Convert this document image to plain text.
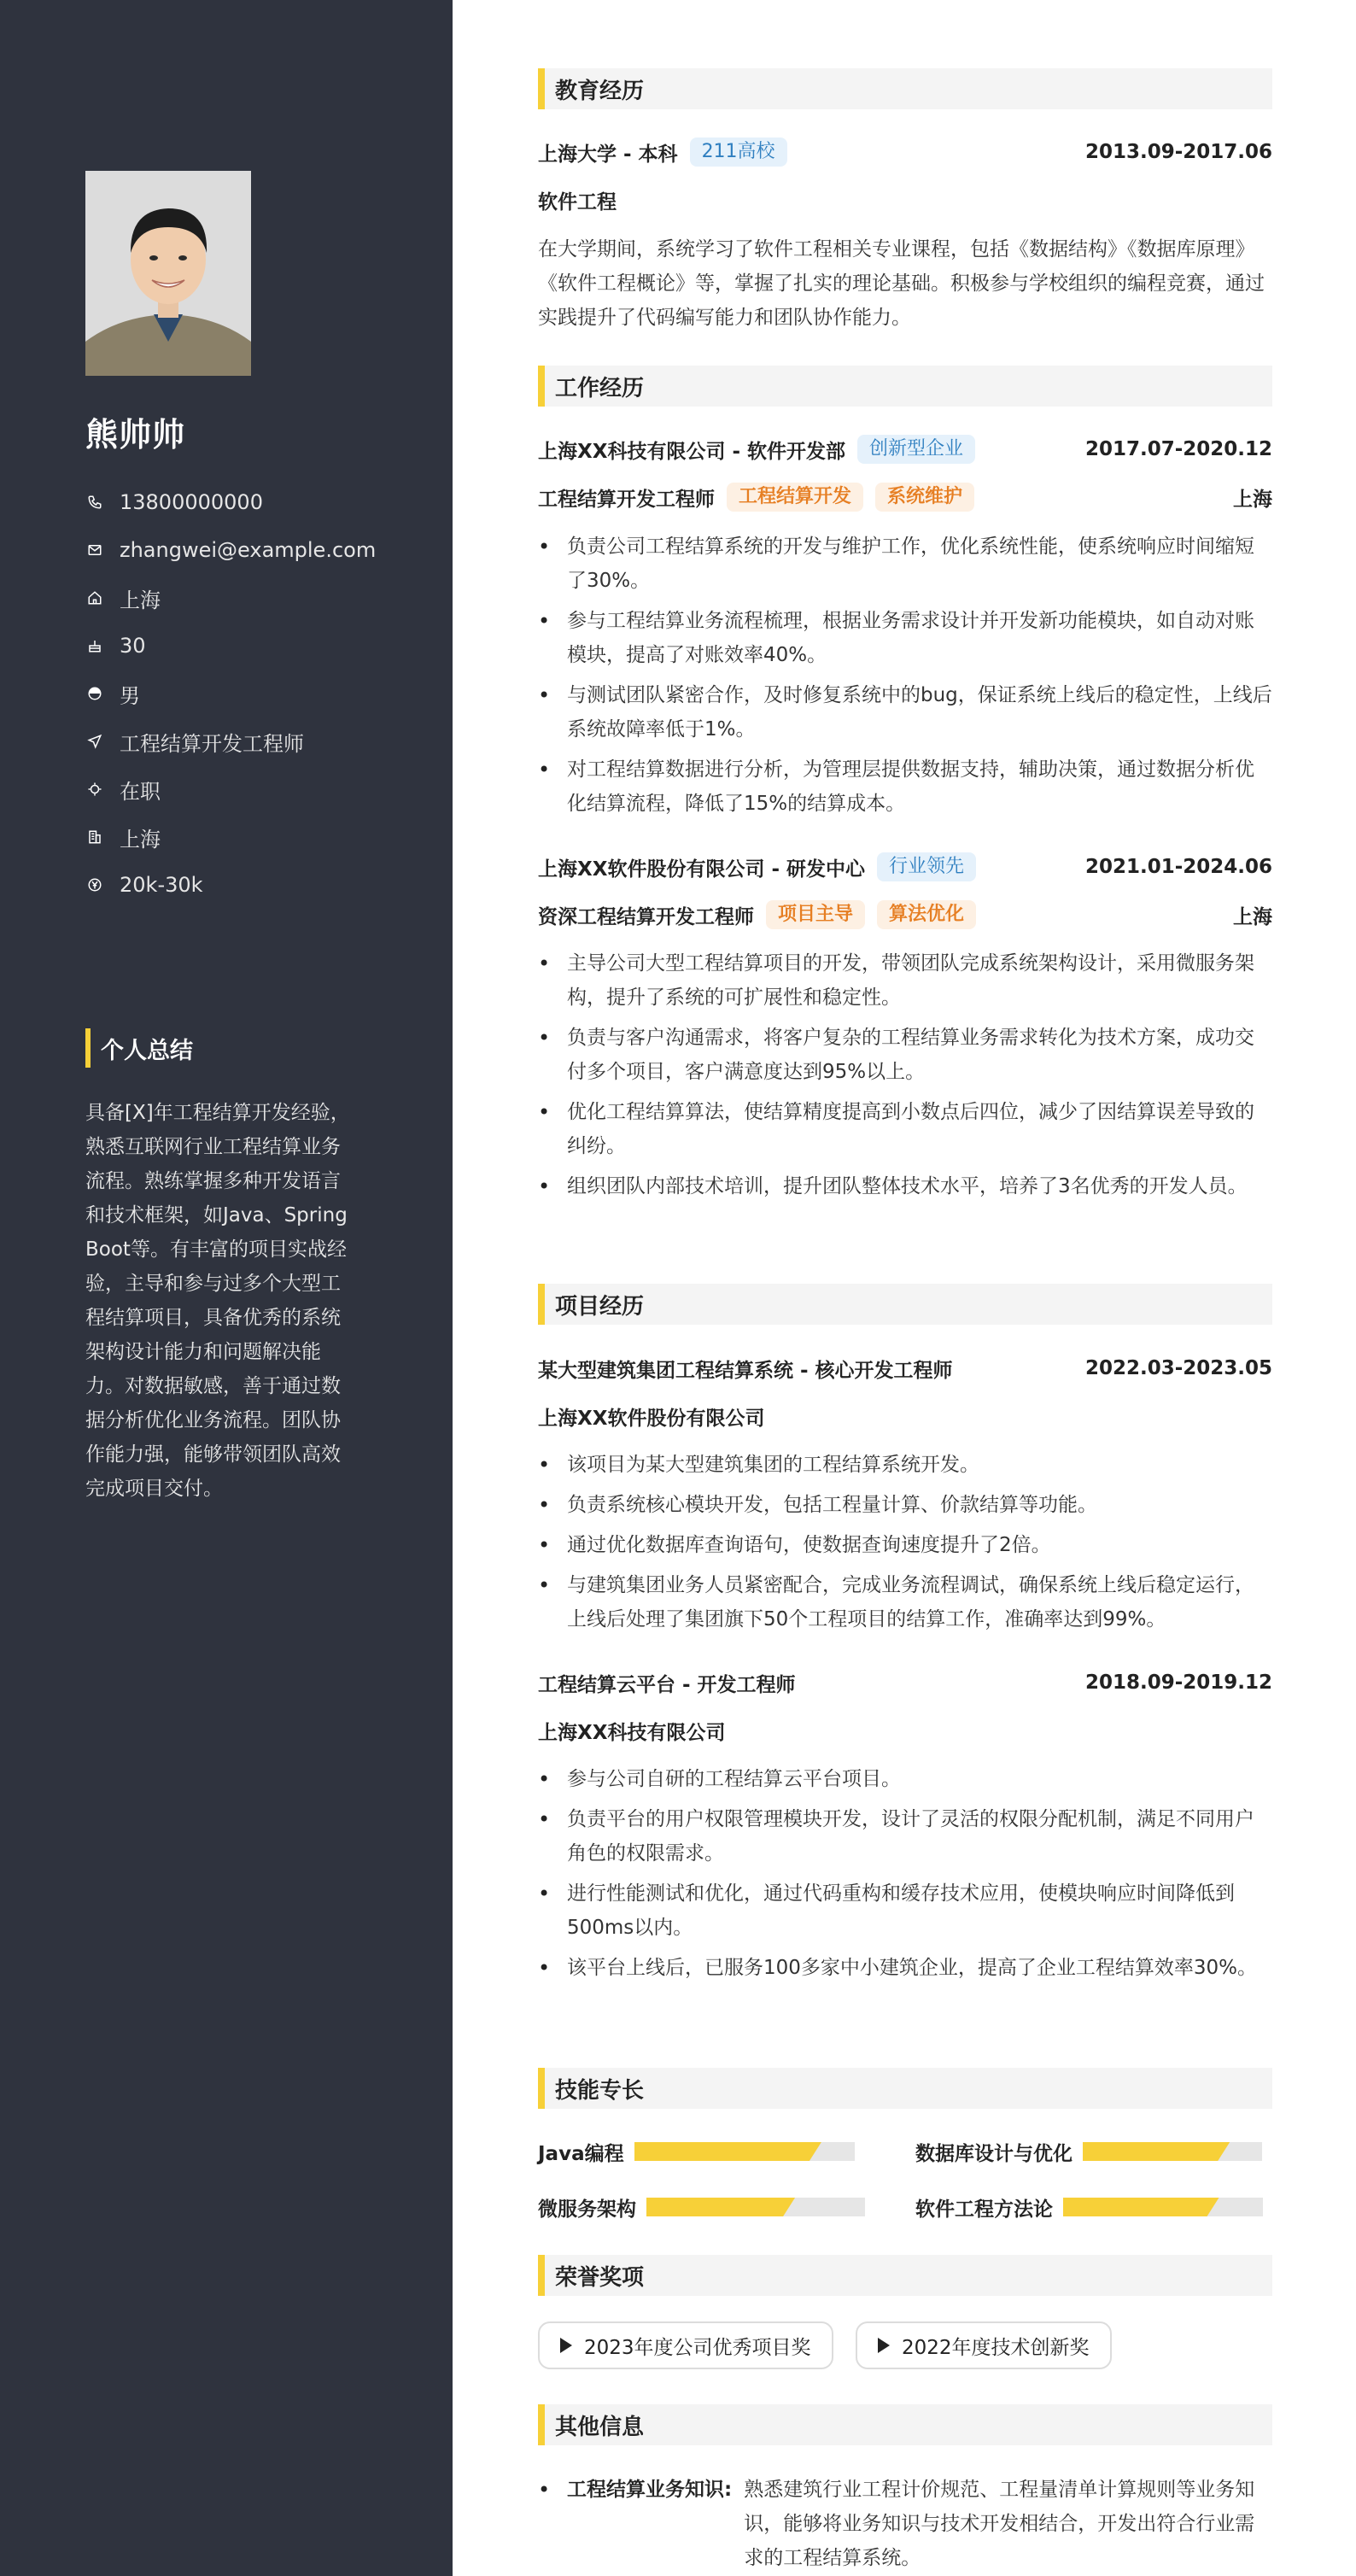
熊帅帅
13800000000
zhangwei@example.com
上海
30
男
工程结算开发工程师
在职
上海
20k-30k
个人总结
具备[X]年工程结算开发经验，熟悉互联网行业工程结算业务流程。熟练掌握多种开发语言和技术框架，如Java、Spring Boot等。有丰富的项目实战经验，主导和参与过多个大型工程结算项目，具备优秀的系统架构设计能力和问题解决能力。对数据敏感，善于通过数据分析优化业务流程。团队协作能力强，能够带领团队高效完成项目交付。
教育经历
上海大学 - 本科	211高校	2013.09-2017.06
软件工程
在大学期间，系统学习了软件工程相关专业课程，包括《数据结构》《数据库原理》《软件工程概论》等，掌握了扎实的理论基础。积极参与学校组织的编程竞赛，通过实践提升了代码编写能力和团队协作能力。
工作经历
上海XX科技有限公司 - 软件开发部	创新型企业	2017.07-2020.12
工程结算开发工程师	工程结算开发	系统维护	上海
• 负责公司工程结算系统的开发与维护工作，优化系统性能，使系统响应时间缩短了30%。
• 参与工程结算业务流程梳理，根据业务需求设计并开发新功能模块，如自动对账模块，提高了对账效率40%。
• 与测试团队紧密合作，及时修复系统中的bug，保证系统上线后的稳定性，上线后系统故障率低于1%。
• 对工程结算数据进行分析，为管理层提供数据支持，辅助决策，通过数据分析优化结算流程，降低了15%的结算成本。
上海XX软件股份有限公司 - 研发中心	行业领先	2021.01-2024.06
资深工程结算开发工程师	项目主导	算法优化	上海
• 主导公司大型工程结算项目的开发，带领团队完成系统架构设计，采用微服务架构，提升了系统的可扩展性和稳定性。
• 负责与客户沟通需求，将客户复杂的工程结算业务需求转化为技术方案，成功交付多个项目，客户满意度达到95%以上。
• 优化工程结算算法，使结算精度提高到小数点后四位，减少了因结算误差导致的纠纷。
• 组织团队内部技术培训，提升团队整体技术水平，培养了3名优秀的开发人员。
项目经历
某大型建筑集团工程结算系统 - 核心开发工程师	2022.03-2023.05
上海XX软件股份有限公司
• 该项目为某大型建筑集团的工程结算系统开发。
• 负责系统核心模块开发，包括工程量计算、价款结算等功能。
• 通过优化数据库查询语句，使数据查询速度提升了2倍。
• 与建筑集团业务人员紧密配合，完成业务流程调试，确保系统上线后稳定运行，上线后处理了集团旗下50个工程项目的结算工作，准确率达到99%。
工程结算云平台 - 开发工程师	2018.09-2019.12
上海XX科技有限公司
• 参与公司自研的工程结算云平台项目。
• 负责平台的用户权限管理模块开发，设计了灵活的权限分配机制，满足不同用户角色的权限需求。
• 进行性能测试和优化，通过代码重构和缓存技术应用，使模块响应时间降低到500ms以内。
• 该平台上线后，已服务100多家中小建筑企业，提高了企业工程结算效率30%。
技能专长
Java编程	数据库设计与优化
微服务架构	软件工程方法论
荣誉奖项
2023年度公司优秀项目奖	2022年度技术创新奖
其他信息
• 工程结算业务知识: 熟悉建筑行业工程计价规范、工程量清单计算规则等业务知识，能够将业务知识与技术开发相结合，开发出符合行业需求的工程结算系统。
